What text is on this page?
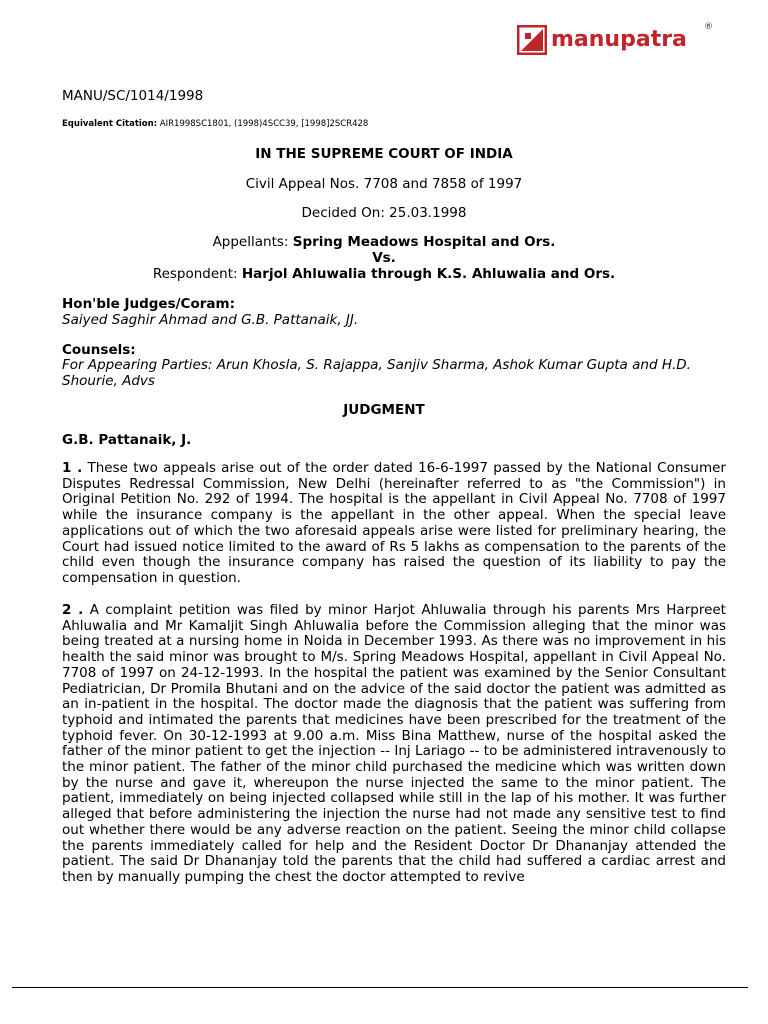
manupatra ®
MANU/SC/1014/1998
Equivalent Citation: AIR1998SC1801, (1998)4SCC39, [1998]2SCR428
IN THE SUPREME COURT OF INDIA
Civil Appeal Nos. 7708 and 7858 of 1997
Decided On: 25.03.1998
Appellants: Spring Meadows Hospital and Ors.
Vs.
Respondent: Harjol Ahluwalia through K.S. Ahluwalia and Ors.
Hon'ble Judges/Coram:
Saiyed Saghir Ahmad and G.B. Pattanaik, JJ.
Counsels:
For Appearing Parties: Arun Khosla, S. Rajappa, Sanjiv Sharma, Ashok Kumar Gupta and H.D. Shourie, Advs
JUDGMENT
G.B. Pattanaik, J.
1 . These two appeals arise out of the order dated 16-6-1997 passed by the National Consumer Disputes Redressal Commission, New Delhi (hereinafter referred to as "the Commission") in Original Petition No. 292 of 1994. The hospital is the appellant in Civil Appeal No. 7708 of 1997 while the insurance company is the appellant in the other appeal. When the special leave applications out of which the two aforesaid appeals arise were listed for preliminary hearing, the Court had issued notice limited to the award of Rs 5 lakhs as compensation to the parents of the child even though the insurance company has raised the question of its liability to pay the compensation in question.
2 . A complaint petition was filed by minor Harjot Ahluwalia through his parents Mrs Harpreet Ahluwalia and Mr Kamaljit Singh Ahluwalia before the Commission alleging that the minor was being treated at a nursing home in Noida in December 1993. As there was no improvement in his health the said minor was brought to M/s. Spring Meadows Hospital, appellant in Civil Appeal No. 7708 of 1997 on 24-12-1993. In the hospital the patient was examined by the Senior Consultant Pediatrician, Dr Promila Bhutani and on the advice of the said doctor the patient was admitted as an in-patient in the hospital. The doctor made the diagnosis that the patient was suffering from typhoid and intimated the parents that medicines have been prescribed for the treatment of the typhoid fever. On 30-12-1993 at 9.00 a.m. Miss Bina Matthew, nurse of the hospital asked the father of the minor patient to get the injection -- Inj Lariago -- to be administered intravenously to the minor patient. The father of the minor child purchased the medicine which was written down by the nurse and gave it, whereupon the nurse injected the same to the minor patient. The patient, immediately on being injected collapsed while still in the lap of his mother. It was further alleged that before administering the injection the nurse had not made any sensitive test to find out whether there would be any adverse reaction on the patient. Seeing the minor child collapse the parents immediately called for help and the Resident Doctor Dr Dhananjay attended the patient. The said Dr Dhananjay told the parents that the child had suffered a cardiac arrest and then by manually pumping the chest the doctor attempted to revive
